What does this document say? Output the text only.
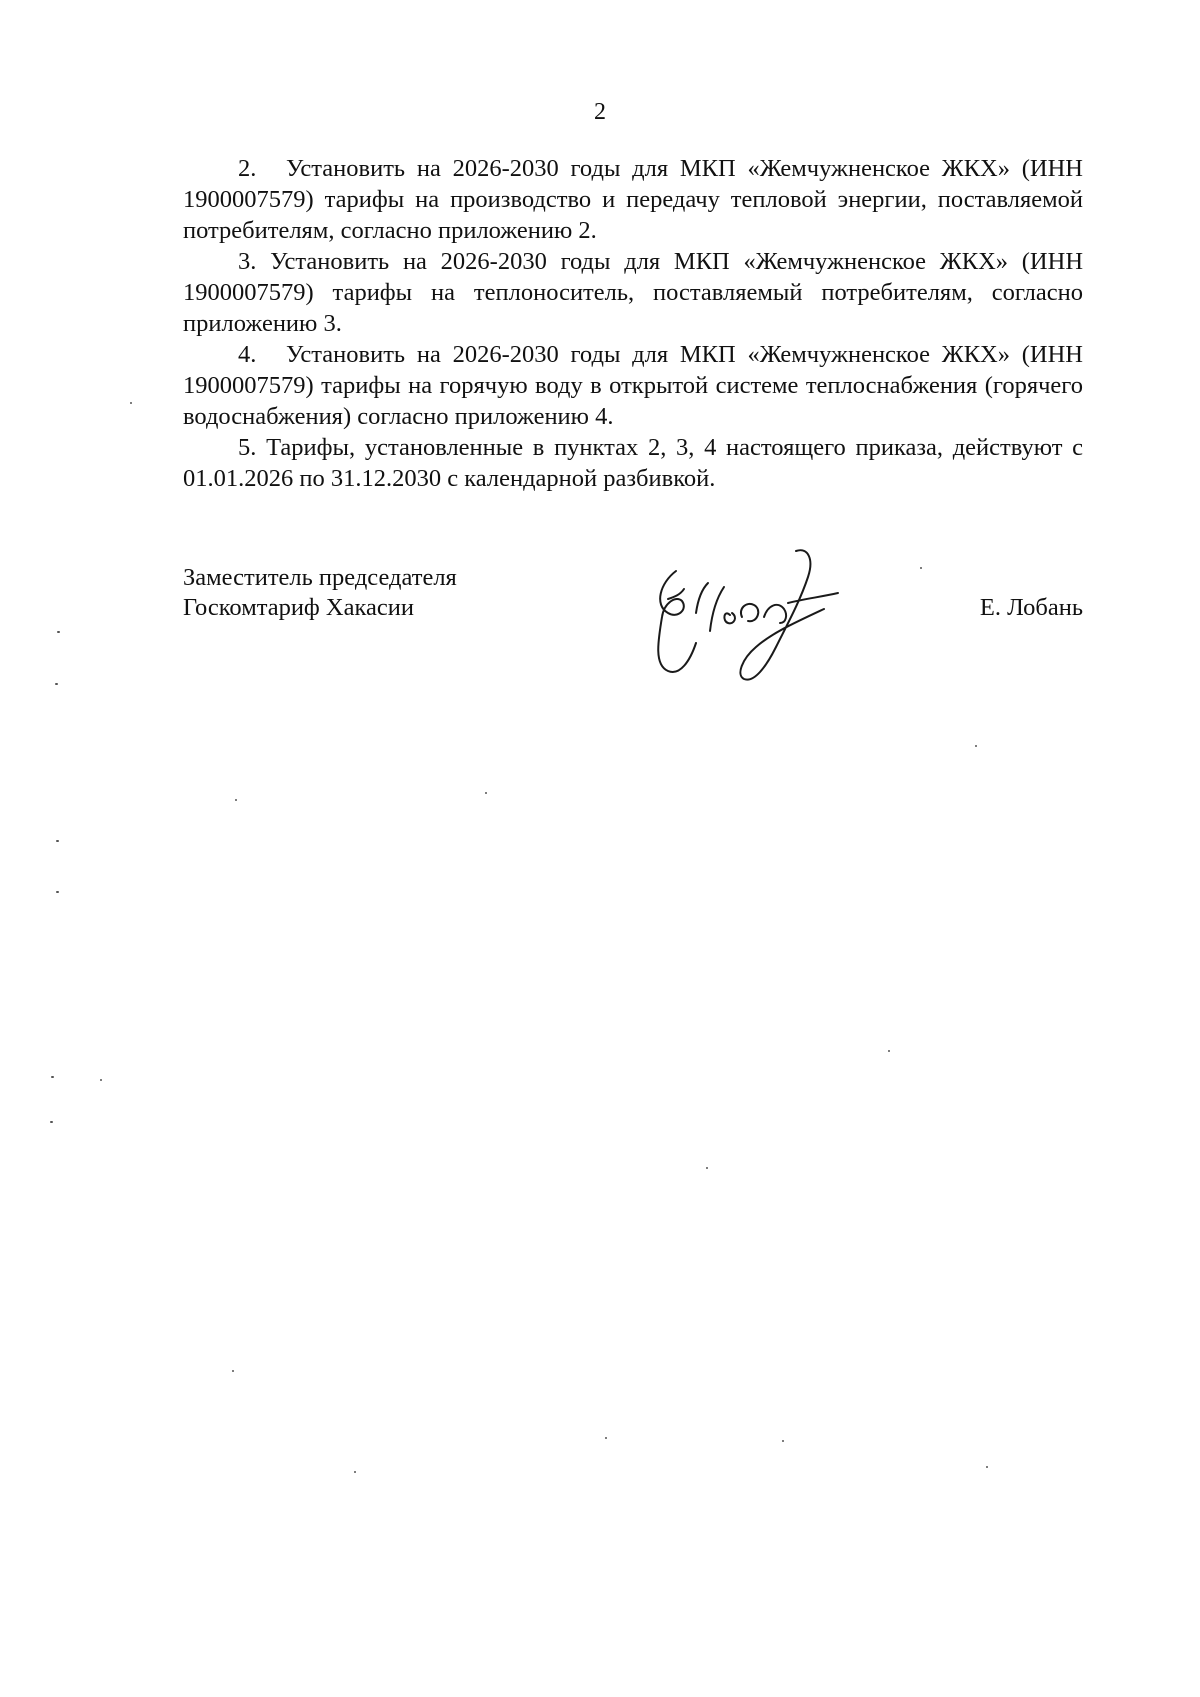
2

2. Установить на 2026-2030 годы для МКП «Жемчужненское ЖКХ» (ИНН 1900007579) тарифы на производство и передачу тепловой энергии, поставляемой потребителям, согласно приложению 2.

3. Установить на 2026-2030 годы для МКП «Жемчужненское ЖКХ» (ИНН 1900007579) тарифы на теплоноситель, поставляемый потребителям, согласно приложению 3.

4. Установить на 2026-2030 годы для МКП «Жемчужненское ЖКХ» (ИНН 1900007579) тарифы на горячую воду в открытой системе теплоснабжения (горячего водоснабжения) согласно приложению 4.

5. Тарифы, установленные в пунктах 2, 3, 4 настоящего приказа, действуют с 01.01.2026 по 31.12.2030 с календарной разбивкой.

Заместитель председателя
Госкомтариф Хакасии	Е. Лобань
